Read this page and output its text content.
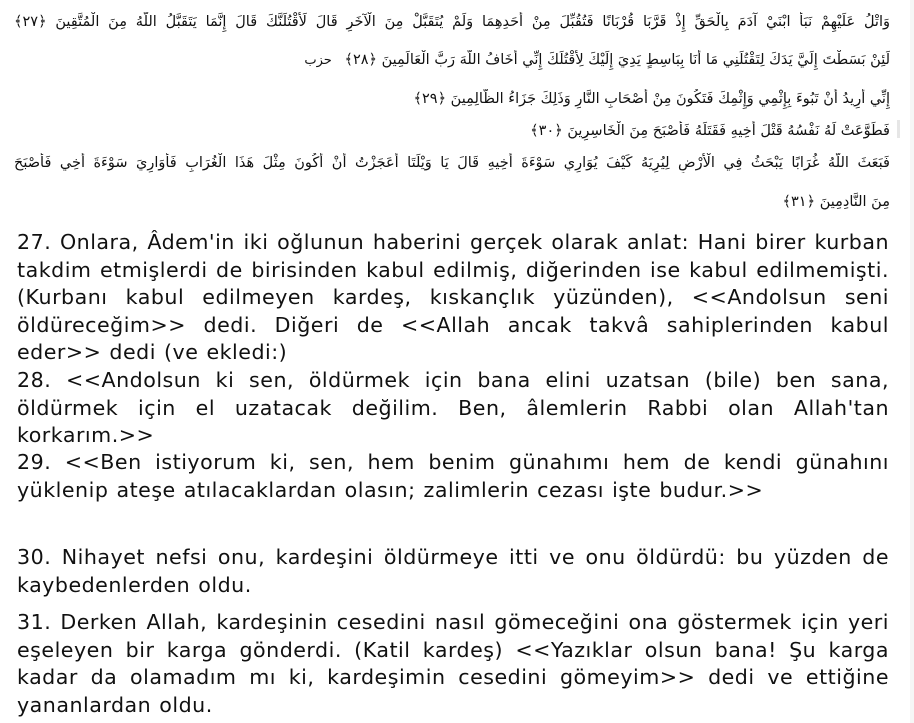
وَاتْلُ عَلَيْهِمْ نَبَأَ ابْنَيْ آدَمَ بِالْحَقِّ إِذْ قَرَّبَا قُرْبَانًا فَتُقُبِّلَ مِنْ أَحَدِهِمَا وَلَمْ يُتَقَبَّلْ مِنَ الْآخَرِ قَالَ لَأَقْتُلَنَّكَ قَالَ إِنَّمَا يَتَقَبَّلُ اللَّهُ مِنَ الْمُتَّقِينَ ﴿٢٧﴾
لَئِنْ بَسَطْتَ إِلَيَّ يَدَكَ لِتَقْتُلَنِي مَا أَنَا بِبَاسِطٍ يَدِيَ إِلَيْكَ لِأَقْتُلَكَ إِنِّي أَخَافُ اللَّهَ رَبَّ الْعَالَمِينَ ﴿٢٨﴾ حزب
إِنِّي أُرِيدُ أَنْ تَبُوءَ بِإِثْمِي وَإِثْمِكَ فَتَكُونَ مِنْ أَصْحَابِ النَّارِ وَذَلِكَ جَزَاءُ الظَّالِمِينَ ﴿٢٩﴾
فَطَوَّعَتْ لَهُ نَفْسُهُ قَتْلَ أَخِيهِ فَقَتَلَهُ فَأَصْبَحَ مِنَ الْخَاسِرِينَ ﴿٣٠﴾
فَبَعَثَ اللَّهُ غُرَابًا يَبْحَثُ فِي الْأَرْضِ لِيُرِيَهُ كَيْفَ يُوَارِي سَوْءَةَ أَخِيهِ قَالَ يَا وَيْلَتَا أَعَجَزْتُ أَنْ أَكُونَ مِثْلَ هَذَا الْغُرَابِ فَأُوَارِيَ سَوْءَةَ أَخِي فَأَصْبَحَ
مِنَ النَّادِمِينَ ﴿٣١﴾
27. Onlara, Âdem'in iki oğlunun haberini gerçek olarak anlat: Hani birer kurban takdim etmişlerdi de birisinden kabul edilmiş, diğerinden ise kabul edilmemişti. (Kurbanı kabul edilmeyen kardeş, kıskançlık yüzünden), <<Andolsun seni öldüreceğim>> dedi. Diğeri de <<Allah ancak takvâ sahiplerinden kabul eder>> dedi (ve ekledi:)
28. <<Andolsun ki sen, öldürmek için bana elini uzatsan (bile) ben sana, öldürmek için el uzatacak değilim. Ben, âlemlerin Rabbi olan Allah'tan korkarım.>>
29. <<Ben istiyorum ki, sen, hem benim günahımı hem de kendi günahını yüklenip ateşe atılacaklardan olasın; zalimlerin cezası işte budur.>>
30. Nihayet nefsi onu, kardeşini öldürmeye itti ve onu öldürdü: bu yüzden de kaybedenlerden oldu.
31. Derken Allah, kardeşinin cesedini nasıl gömeceğini ona göstermek için yeri eşeleyen bir karga gönderdi. (Katil kardeş) <<Yazıklar olsun bana! Şu karga kadar da olamadım mı ki, kardeşimin cesedini gömeyim>> dedi ve ettiğine yananlardan oldu.
